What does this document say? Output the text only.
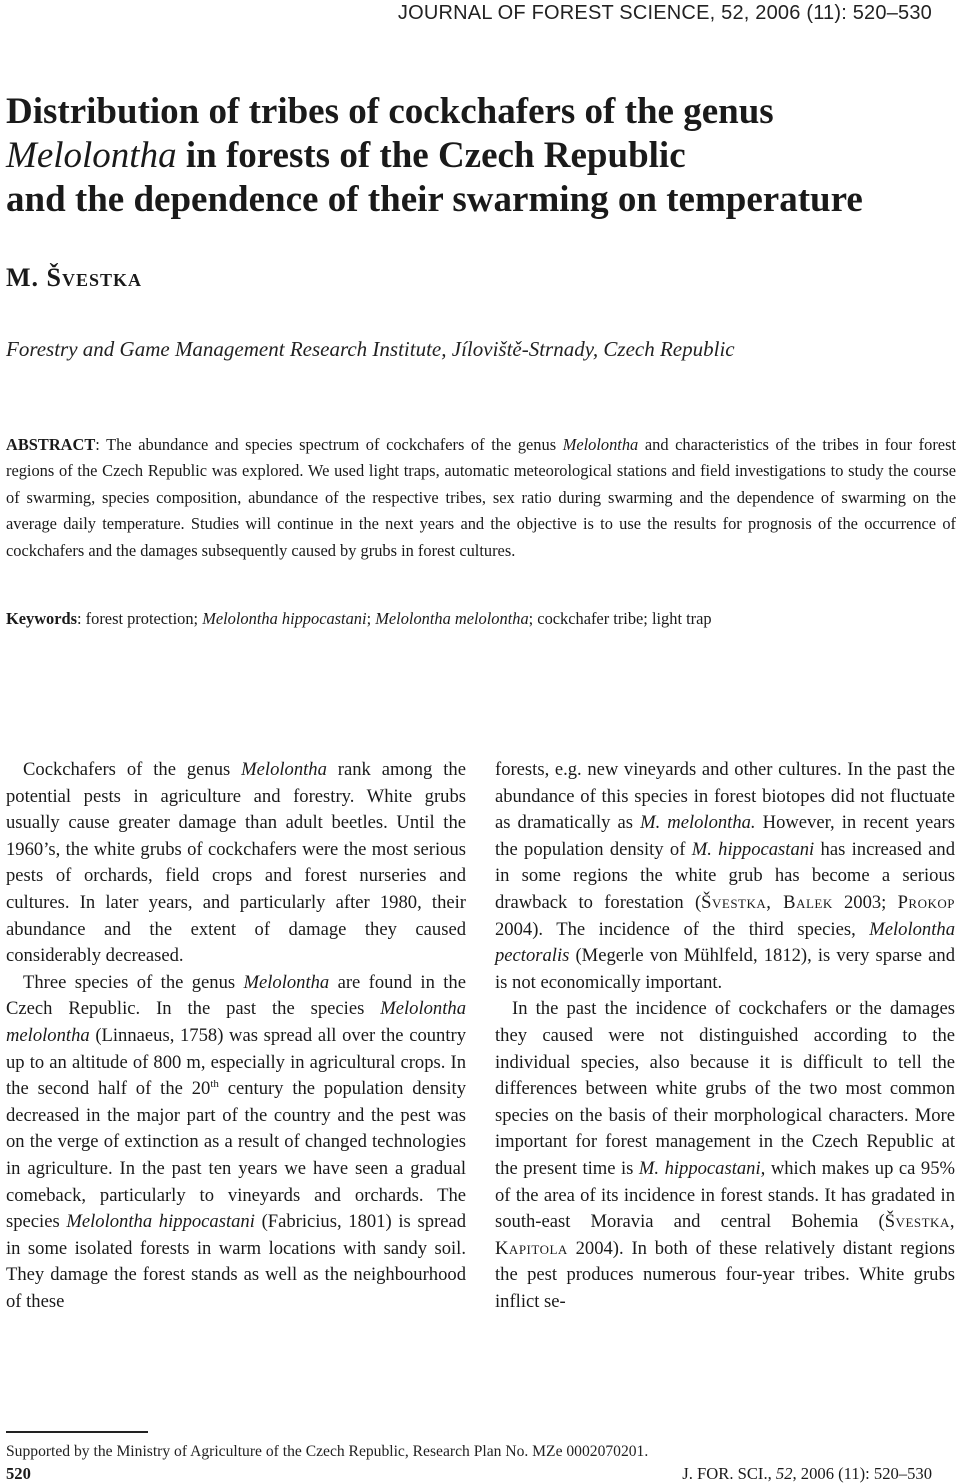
JOURNAL OF FOREST SCIENCE, 52, 2006 (11): 520–530
Distribution of tribes of cockchafers of the genus
Melolontha in forests of the Czech Republic
and the dependence of their swarming on temperature
M. Švestka
Forestry and Game Management Research Institute, Jíloviště-Strnady, Czech Republic

ABSTRACT: The abundance and species spectrum of cockchafers of the genus Melolontha and characteristics of the tribes in four forest regions of the Czech Republic was explored. We used light traps, automatic meteorological stations and field investigations to study the course of swarming, species composition, abundance of the respective tribes, sex ratio during swarming and the dependence of swarming on the average daily temperature. Studies will continue in the next years and the objective is to use the results for prognosis of the occurrence of cockchafers and the damages subsequently caused by grubs in forest cultures.

Keywords: forest protection; Melolontha hippocastani; Melolontha melolontha; cockchafer tribe; light trap

Cockchafers of the genus Melolontha rank among the potential pests in agriculture and forestry. White grubs usually cause greater damage than adult beetles. Until the 1960’s, the white grubs of cockchafers were the most serious pests of orchards, field crops and forest nurseries and cultures. In later years, and particularly after 1980, their abundance and the extent of damage they caused considerably decreased.

Three species of the genus Melolontha are found in the Czech Republic. In the past the species Melolontha melolontha (Linnaeus, 1758) was spread all over the country up to an altitude of 800 m, especially in agricultural crops. In the second half of the 20th century the population density decreased in the major part of the country and the pest was on the verge of extinction as a result of changed technologies in agriculture. In the past ten years we have seen a gradual comeback, particularly to vineyards and orchards. The species Melolontha hippocastani (Fabricius, 1801) is spread in some isolated forests in warm locations with sandy soil. They damage the forest stands as well as the neighbourhood of these

forests, e.g. new vineyards and other cultures. In the past the abundance of this species in forest biotopes did not fluctuate as dramatically as M. melolontha. However, in recent years the population density of M. hippocastani has increased and in some regions the white grub has become a serious drawback to forestation (Švestka, Balek 2003; Prokop 2004). The incidence of the third species, Melolontha pectoralis (Megerle von Mühlfeld, 1812), is very sparse and is not economically important.

In the past the incidence of cockchafers or the damages they caused were not distinguished according to the individual species, also because it is difficult to tell the differences between white grubs of the two most common species on the basis of their morphological characters. More important for forest management in the Czech Republic at the present time is M. hippocastani, which makes up ca 95% of the area of its incidence in forest stands. It has gradated in south-east Moravia and central Bohemia (Švestka, Kapitola 2004). In both of these relatively distant regions the pest produces numerous four-year tribes. White grubs inflict se-

Supported by the Ministry of Agriculture of the Czech Republic, Research Plan No. MZe 0002070201.
520	J. FOR. SCI., 52, 2006 (11): 520–530
